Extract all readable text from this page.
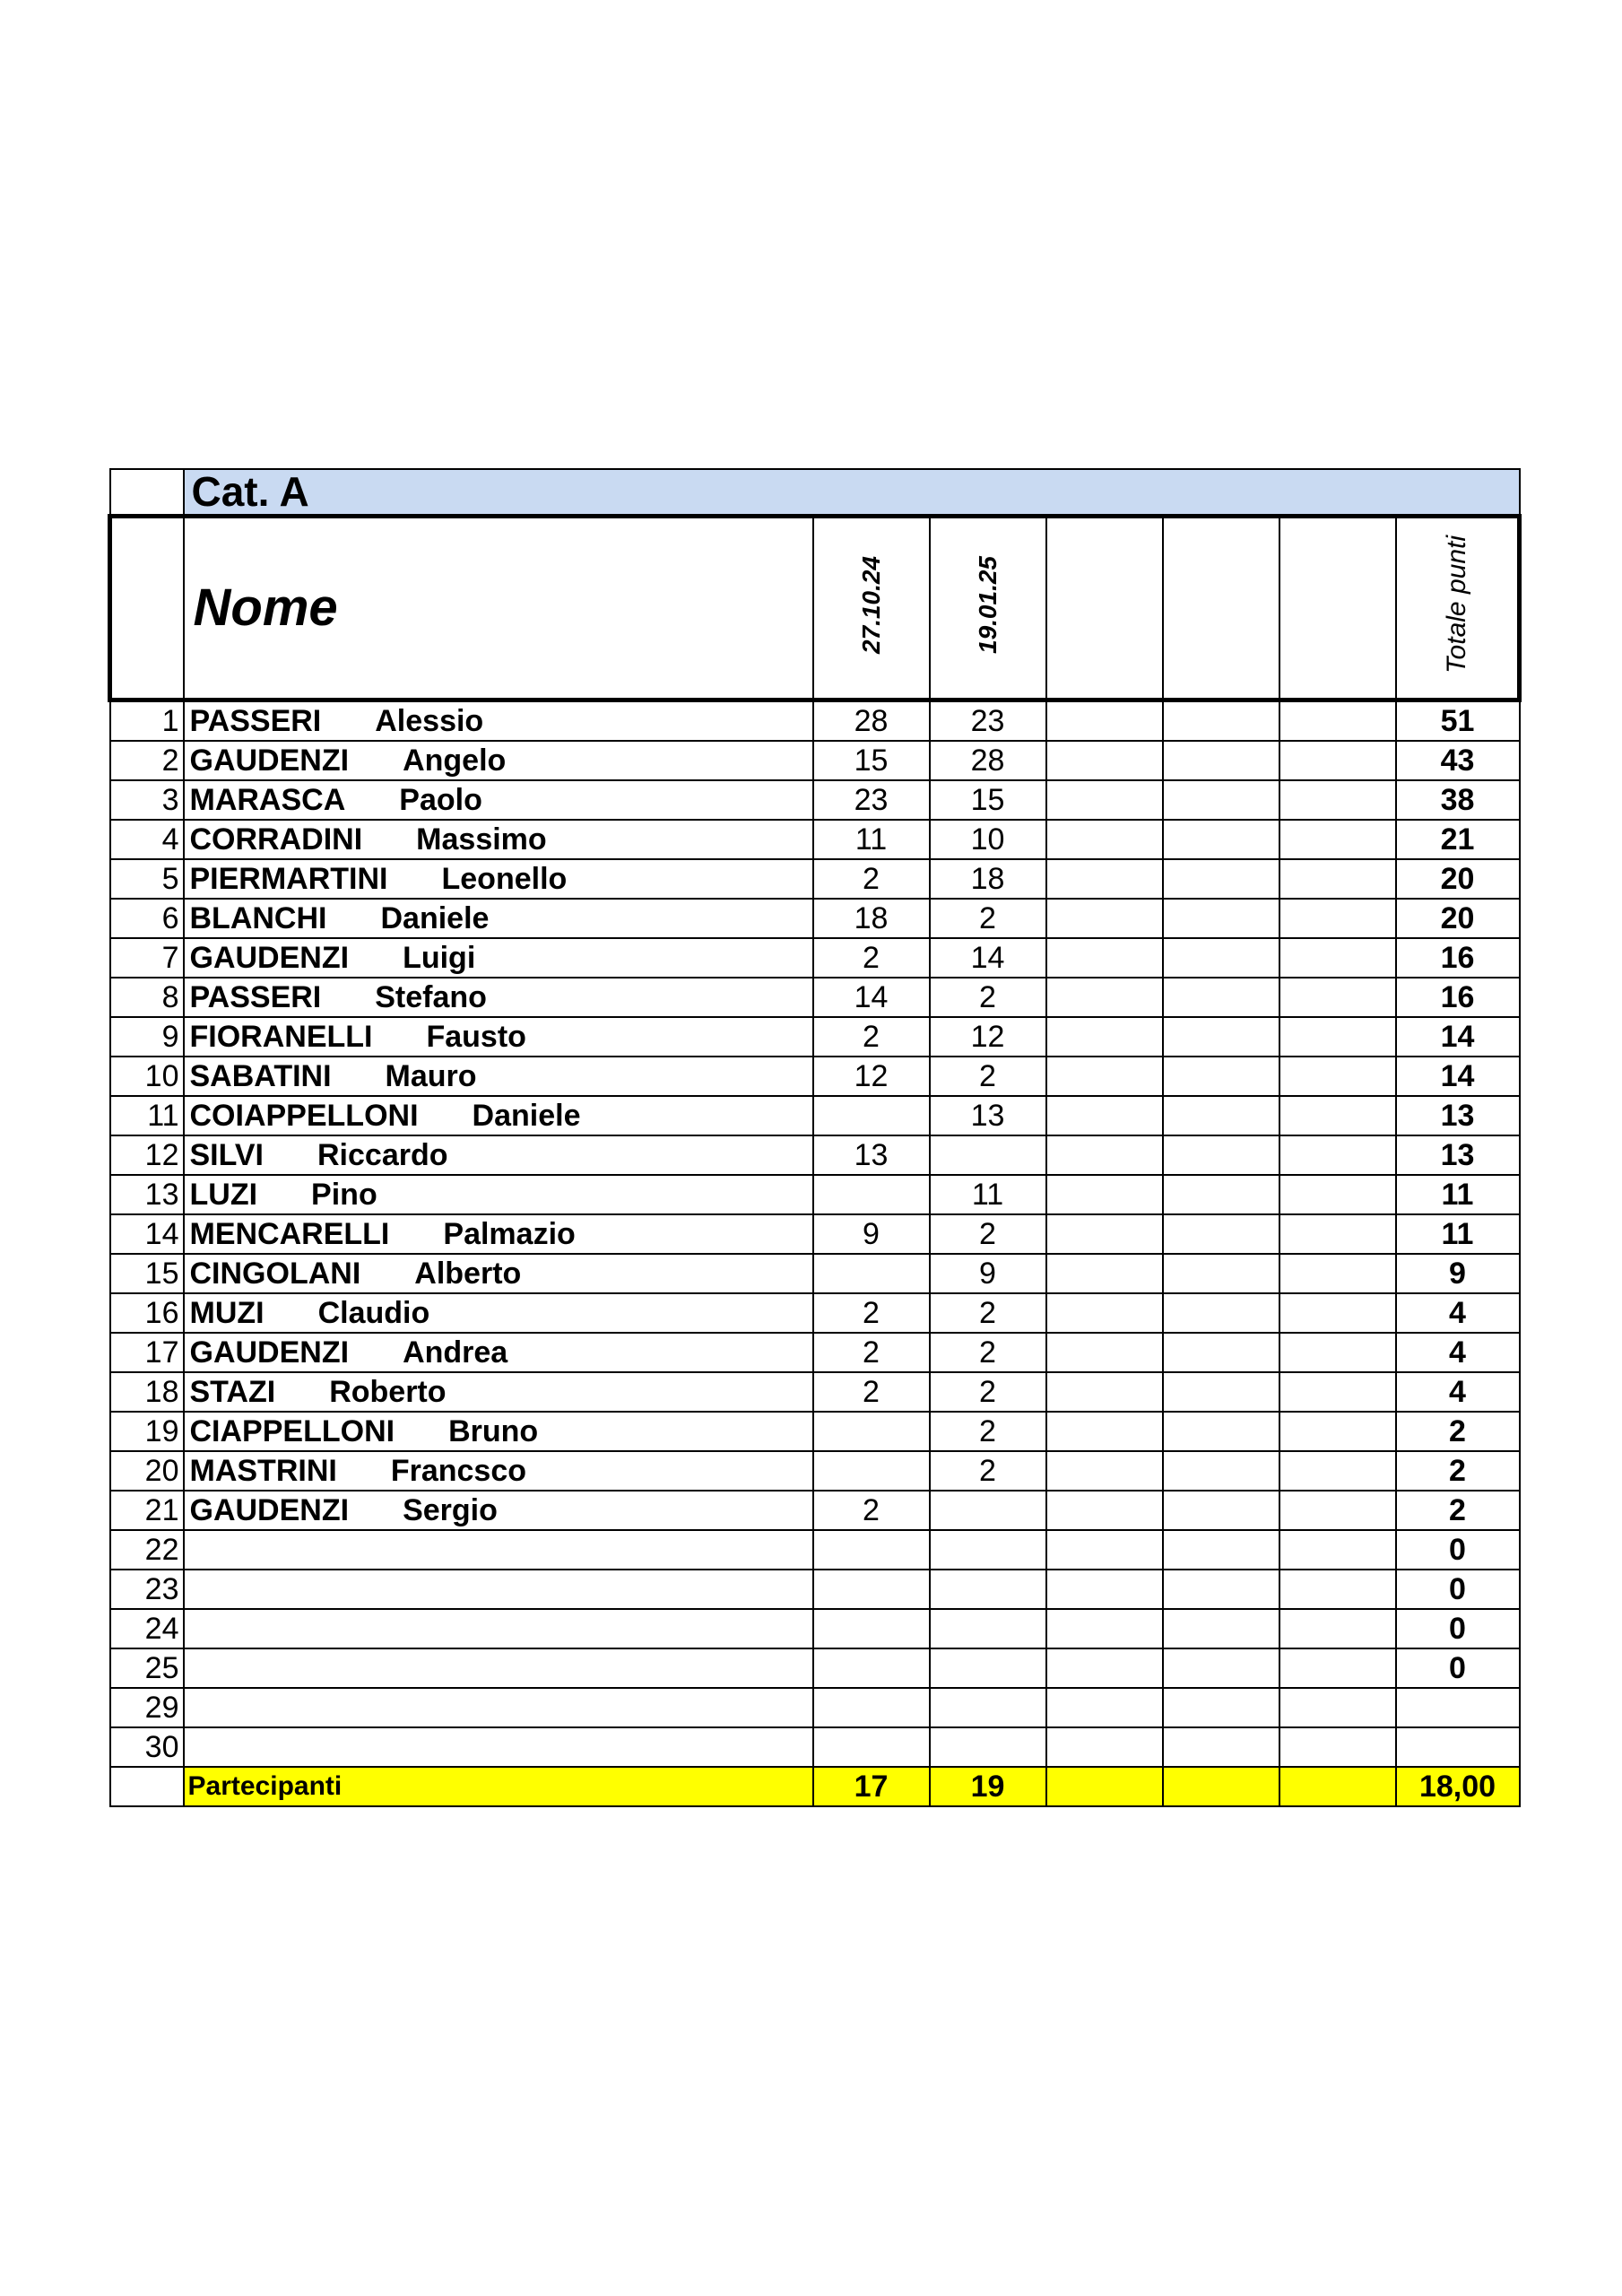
	Cat. A						
	Nome	27.10.24	19.01.25				Totale punti
1	PASSERI Alessio	28	23				51
2	GAUDENZI Angelo	15	28				43
3	MARASCA Paolo	23	15				38
4	CORRADINI Massimo	11	10				21
5	PIERMARTINI Leonello	2	18				20
6	BLANCHI Daniele	18	2				20
7	GAUDENZI Luigi	2	14				16
8	PASSERI Stefano	14	2				16
9	FIORANELLI Fausto	2	12				14
10	SABATINI Mauro	12	2				14
11	COIAPPELLONI Daniele		13				13
12	SILVI Riccardo	13					13
13	LUZI Pino		11				11
14	MENCARELLI Palmazio	9	2				11
15	CINGOLANI Alberto		9				9
16	MUZI Claudio	2	2				4
17	GAUDENZI Andrea	2	2				4
18	STAZI Roberto	2	2				4
19	CIAPPELLONI Bruno		2				2
20	MASTRINI Francsco		2				2
21	GAUDENZI Sergio	2					2
22							0
23							0
24							0
25							0
29							
30							
	Partecipanti	17	19				18,00
